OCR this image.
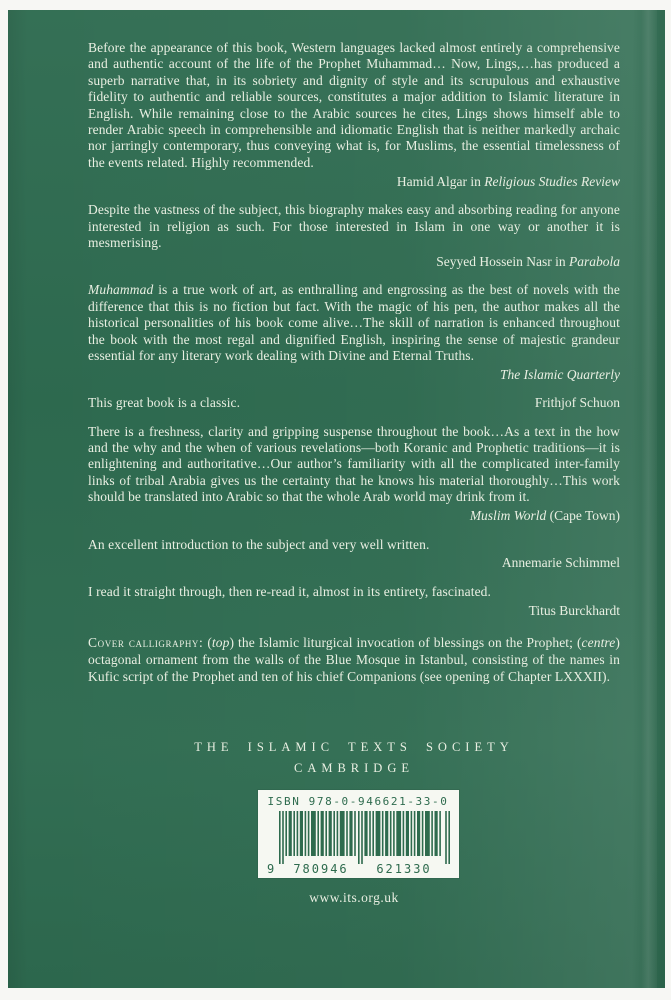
Before the appearance of this book, Western languages lacked almost entirely a comprehensive and authentic account of the life of the Prophet Muhammad… Now, Lings,…has produced a superb narrative that, in its sobriety and dignity of style and its scrupulous and exhaustive fidelity to authentic and reliable sources, constitutes a major addition to Islamic literature in English. While remaining close to the Arabic sources he cites, Lings shows himself able to render Arabic speech in comprehensible and idiomatic English that is neither markedly archaic nor jarringly contemporary, thus conveying what is, for Muslims, the essential timelessness of the events related. Highly recommended.

Hamid Algar in Religious Studies Review

Despite the vastness of the subject, this biography makes easy and absorbing reading for anyone interested in religion as such. For those interested in Islam in one way or another it is mesmerising.

Seyyed Hossein Nasr in Parabola

Muhammad is a true work of art, as enthralling and engrossing as the best of novels with the difference that this is no fiction but fact. With the magic of his pen, the author makes all the historical personalities of his book come alive…The skill of narration is enhanced throughout the book with the most regal and dignified English, inspiring the sense of majestic grandeur essential for any literary work dealing with Divine and Eternal Truths.

The Islamic Quarterly

This great book is a classic.	Frithjof Schuon

There is a freshness, clarity and gripping suspense throughout the book…As a text in the how and the why and the when of various revelations—both Koranic and Prophetic traditions—it is enlightening and authoritative…Our author’s familiarity with all the complicated inter-family links of tribal Arabia gives us the certainty that he knows his material thoroughly…This work should be translated into Arabic so that the whole Arab world may drink from it.

Muslim World (Cape Town)

An excellent introduction to the subject and very well written.

Annemarie Schimmel

I read it straight through, then re-read it, almost in its entirety, fascinated.

Titus Burckhardt

Cover calligraphy: (top) the Islamic liturgical invocation of blessings on the Prophet; (centre) octagonal ornament from the walls of the Blue Mosque in Istanbul, consisting of the names in Kufic script of the Prophet and ten of his chief Companions (see opening of Chapter LXXXII).

THE ISLAMIC TEXTS SOCIETY
CAMBRIDGE
ISBN 978-0-946621-33-0
9 780946 621330
www.its.org.uk
